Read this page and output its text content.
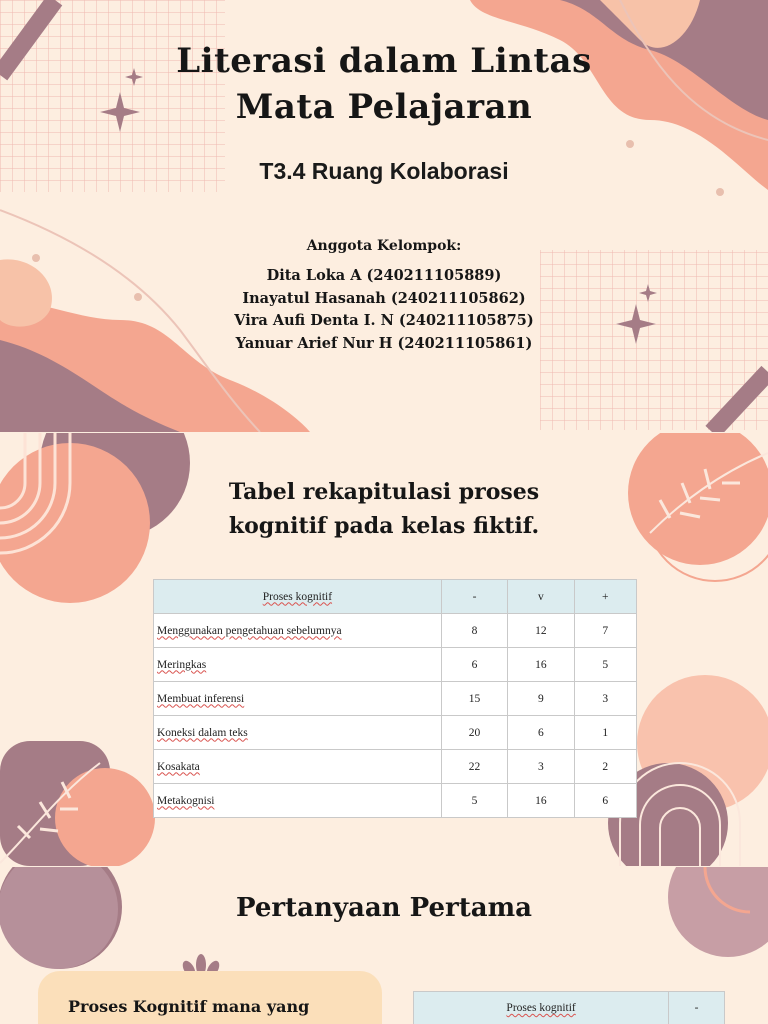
Literasi dalam Lintas
Mata Pelajaran
T3.4 Ruang Kolaborasi
Anggota Kelompok:
Dita Loka A (240211105889)
Inayatul Hasanah (240211105862)
Vira Aufi Denta I. N (240211105875)
Yanuar Arief Nur H (240211105861)
Tabel rekapitulasi proses
kognitif pada kelas fiktif.
Proses kognitif	-	v	+
Menggunakan pengetahuan sebelumnya	8	12	7
Meringkas	6	16	5
Membuat inferensi	15	9	3
Koneksi dalam teks	20	6	1
Kosakata	22	3	2
Metakognisi	5	16	6
Pertanyaan Pertama
Proses Kognitif mana yang	Proses kognitif	-
